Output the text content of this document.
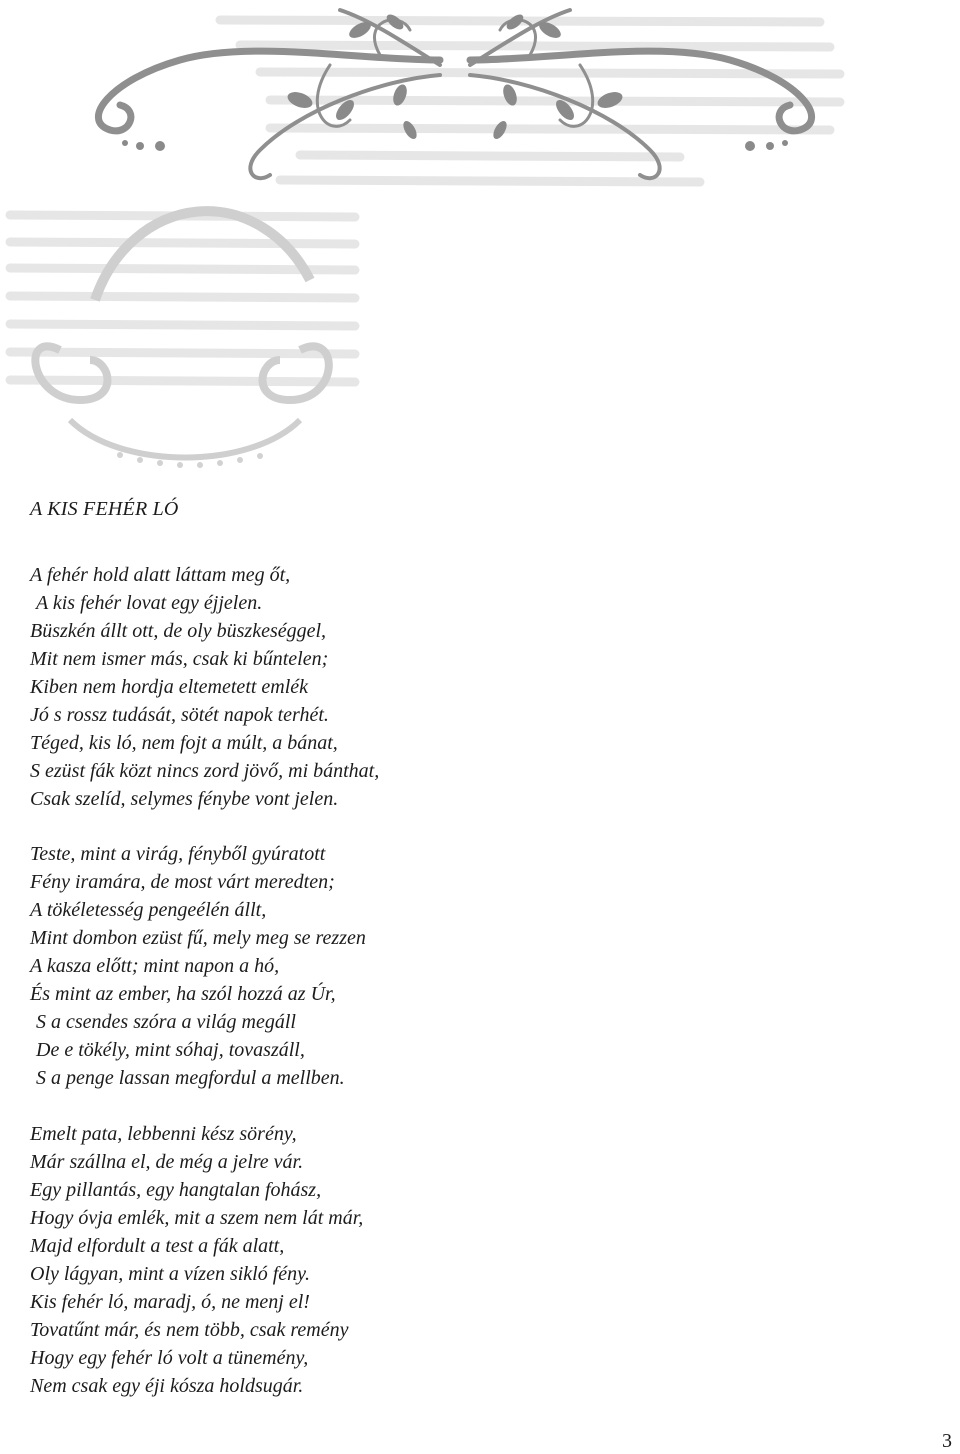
A KIS FEHÉR LÓ
A fehér hold alatt láttam meg őt,
A kis fehér lovat egy éjjelen.
Büszkén állt ott, de oly büszkeséggel,
Mit nem ismer más, csak ki bűntelen;
Kiben nem hordja eltemetett emlék
Jó s rossz tudását, sötét napok terhét.
Téged, kis ló, nem fojt a múlt, a bánat,
S ezüst fák közt nincs zord jövő, mi bánthat,
Csak szelíd, selymes fénybe vont jelen.
Teste, mint a virág, fényből gyúratott
Fény iramára, de most várt meredten;
A tökéletesség pengeélén állt,
Mint dombon ezüst fű, mely meg se rezzen
A kasza előtt; mint napon a hó,
És mint az ember, ha szól hozzá az Úr,
S a csendes szóra a világ megáll
De e tökély, mint sóhaj, tovaszáll,
S a penge lassan megfordul a mellben.
Emelt pata, lebbenni kész sörény,
Már szállna el, de még a jelre vár.
Egy pillantás, egy hangtalan fohász,
Hogy óvja emlék, mit a szem nem lát már,
Majd elfordult a test a fák alatt,
Oly lágyan, mint a vízen sikló fény.
Kis fehér ló, maradj, ó, ne menj el!
Tovatűnt már, és nem több, csak remény
Hogy egy fehér ló volt a tünemény,
Nem csak egy éji kósza holdsugár.
3
